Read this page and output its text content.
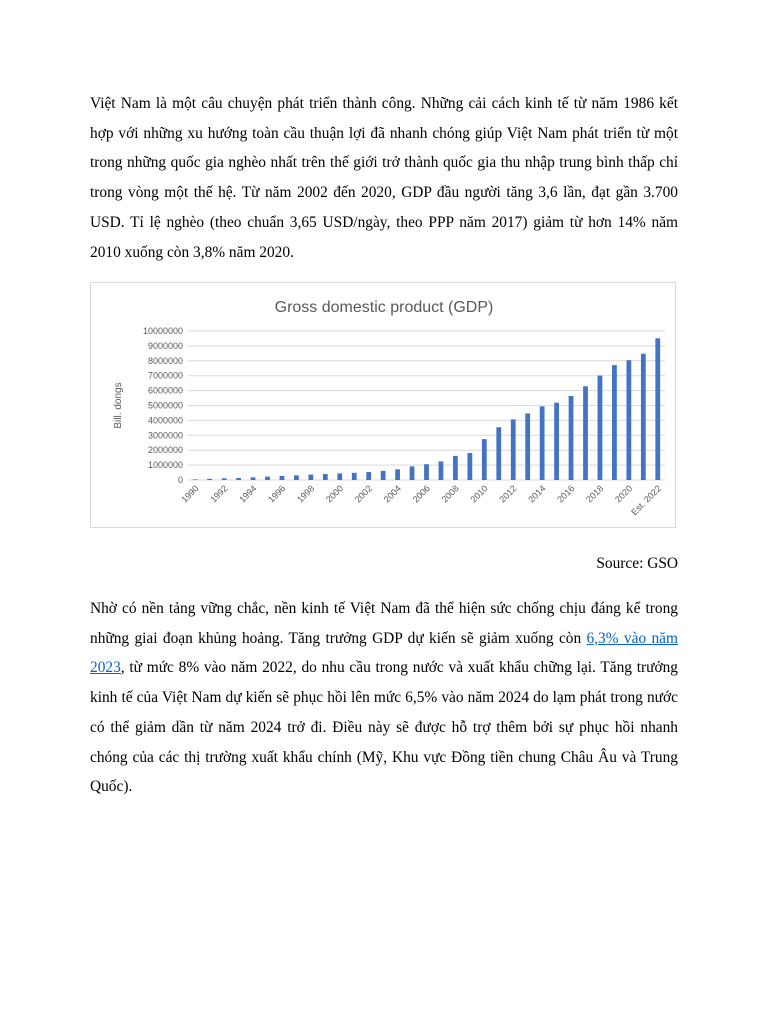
Việt Nam là một câu chuyện phát triển thành công. Những cải cách kinh tế từ năm 1986 kết hợp với những xu hướng toàn cầu thuận lợi đã nhanh chóng giúp Việt Nam phát triển từ một trong những quốc gia nghèo nhất trên thế giới trở thành quốc gia thu nhập trung bình thấp chỉ trong vòng một thế hệ. Từ năm 2002 đến 2020, GDP đầu người tăng 3,6 lần, đạt gần 3.700 USD. Tỉ lệ nghèo (theo chuẩn 3,65 USD/ngày, theo PPP năm 2017) giảm từ hơn 14% năm 2010 xuống còn 3,8% năm 2020.

Gross domestic product (GDP)
Bill. dongs
0
1000000
2000000
3000000
4000000
5000000
6000000
7000000
8000000
9000000
10000000
1990 1992 1994 1996 1998 2000 2002 2004 2006 2008 2010 2012 2014 2016 2018 2020
Est. 2022

Source: GSO

Nhờ có nền tảng vững chắc, nền kinh tế Việt Nam đã thể hiện sức chống chịu đáng kể trong những giai đoạn khủng hoảng. Tăng trưởng GDP dự kiến sẽ giảm xuống còn 6,3% vào năm 2023, từ mức 8% vào năm 2022, do nhu cầu trong nước và xuất khẩu chững lại. Tăng trưởng kinh tế của Việt Nam dự kiến sẽ phục hồi lên mức 6,5% vào năm 2024 do lạm phát trong nước có thể giảm dần từ năm 2024 trở đi. Điều này sẽ được hỗ trợ thêm bởi sự phục hồi nhanh chóng của các thị trường xuất khẩu chính (Mỹ, Khu vực Đồng tiền chung Châu Âu và Trung Quốc).
